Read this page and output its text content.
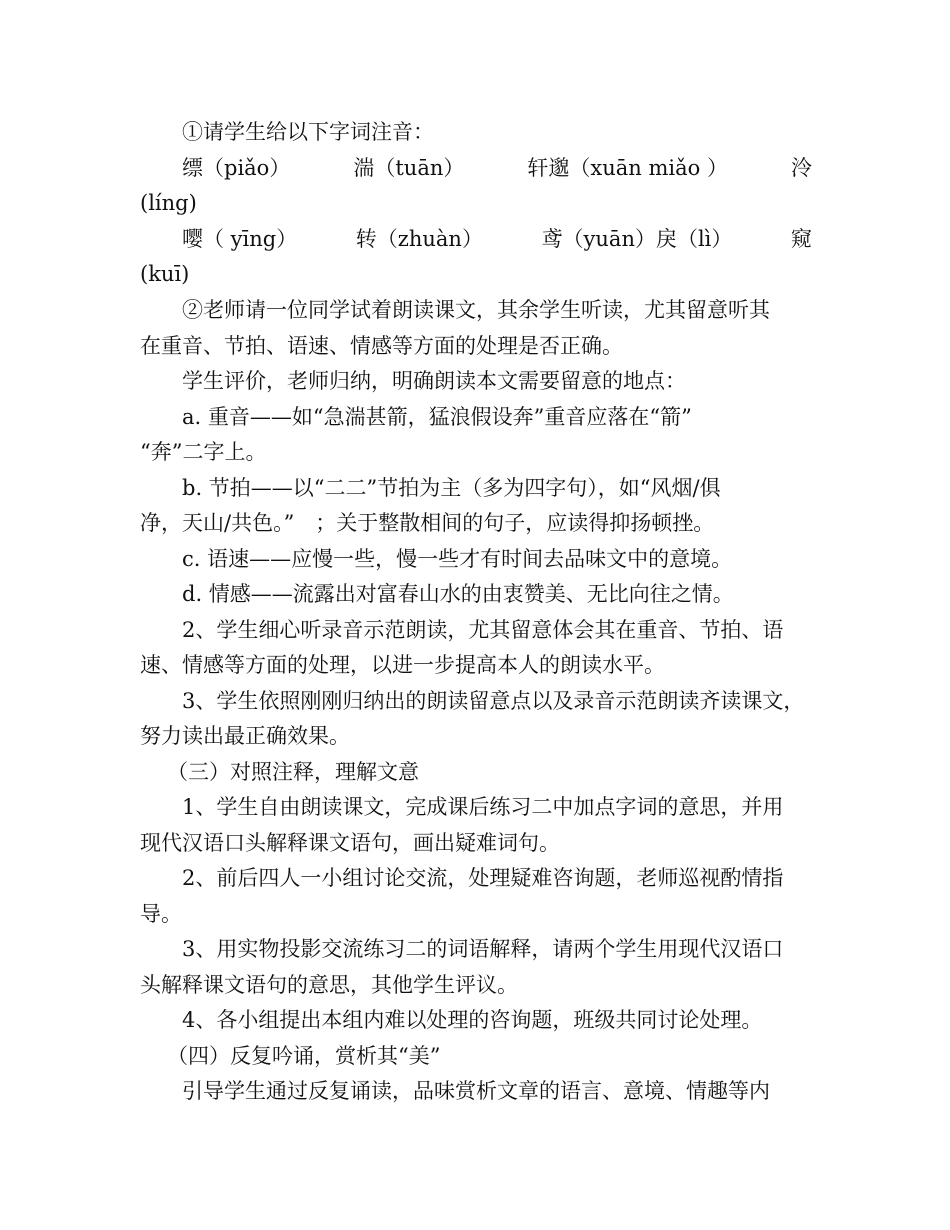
①请学生给以下字词注音：
缥（piǎo）	湍（tuān）	轩邈（xuān miǎo ）	泠
(líng)
嘤（ yīng）	转（zhuàn）	鸢（yuān）戾（lì）	窥
(kuī)
②老师请一位同学试着朗读课文，其余学生听读，尤其留意听其
在重音、节拍、语速、情感等方面的处理是否正确。
学生评价，老师归纳，明确朗读本文需要留意的地点：
a. 重音——如“急湍甚箭，猛浪假设奔”重音应落在“箭”
“奔”二字上。
b. 节拍——以“二二”节拍为主（多为四字句），如“风烟/俱
净，天山/共色。”　；关于整散相间的句子，应读得抑扬顿挫。
c. 语速——应慢一些，慢一些才有时间去品味文中的意境。
d. 情感——流露出对富春山水的由衷赞美、无比向往之情。
2、学生细心听录音示范朗读，尤其留意体会其在重音、节拍、语
速、情感等方面的处理，以进一步提高本人的朗读水平。
3、学生依照刚刚归纳出的朗读留意点以及录音示范朗读齐读课文，
努力读出最正确效果。
（三）对照注释，理解文意
1、学生自由朗读课文，完成课后练习二中加点字词的意思，并用
现代汉语口头解释课文语句，画出疑难词句。
2、前后四人一小组讨论交流，处理疑难咨询题，老师巡视酌情指
导。
3、用实物投影交流练习二的词语解释，请两个学生用现代汉语口
头解释课文语句的意思，其他学生评议。
4、各小组提出本组内难以处理的咨询题，班级共同讨论处理。
（四）反复吟诵，赏析其“美”
引导学生通过反复诵读，品味赏析文章的语言、意境、情趣等内
